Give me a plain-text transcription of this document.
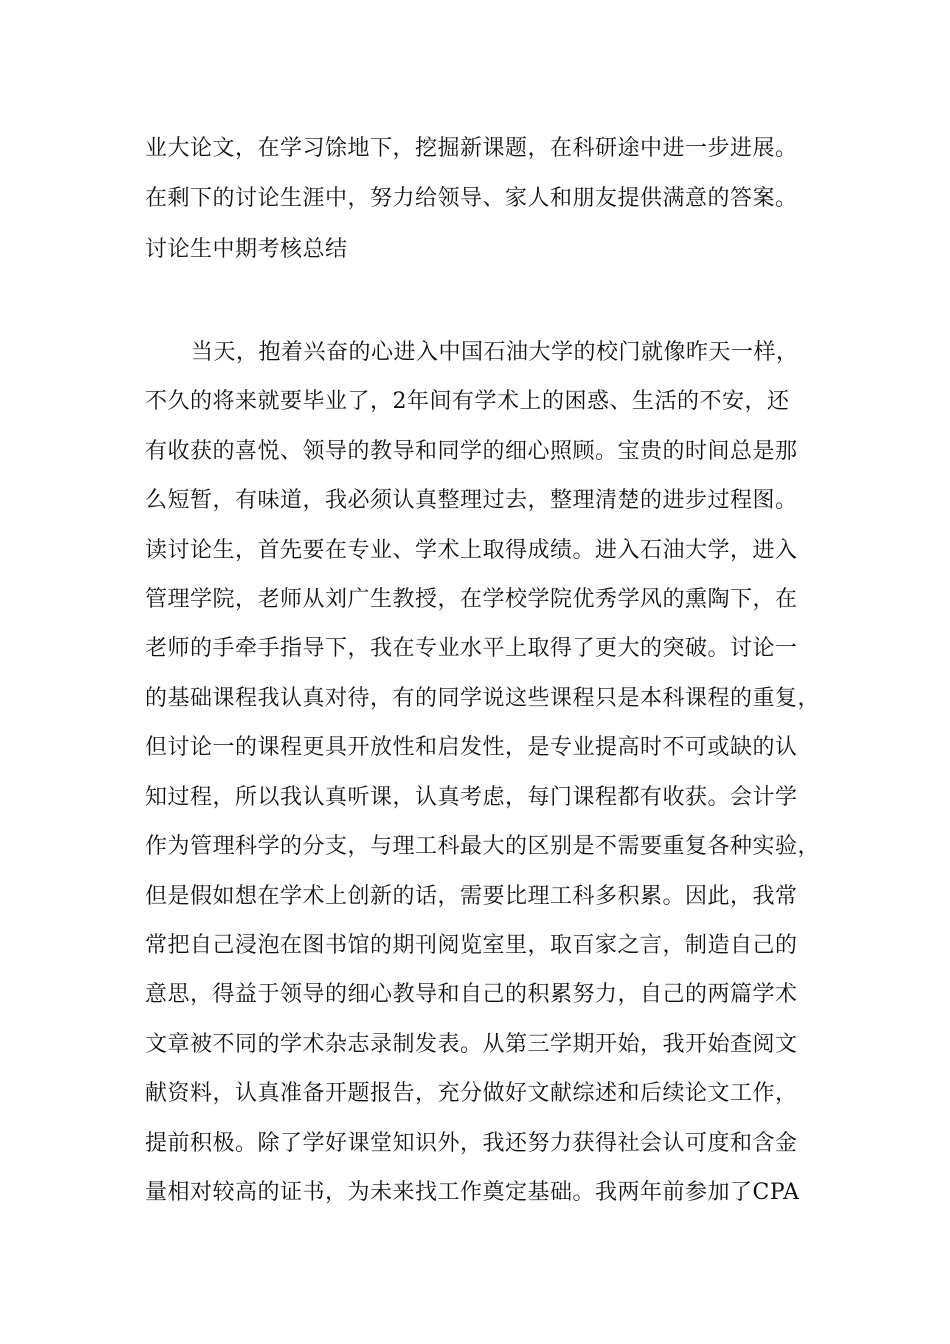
业大论文，在学习馀地下，挖掘新课题，在科研途中进一步进展。

在剩下的讨论生涯中，努力给领导、家人和朋友提供满意的答案。

讨论生中期考核总结

当天，抱着兴奋的心进入中国石油大学的校门就像昨天一样，

不久的将来就要毕业了，2年间有学术上的困惑、生活的不安，还

有收获的喜悦、领导的教导和同学的细心照顾。宝贵的时间总是那

么短暂，有味道，我必须认真整理过去，整理清楚的进步过程图。

读讨论生，首先要在专业、学术上取得成绩。进入石油大学，进入

管理学院，老师从刘广生教授，在学校学院优秀学风的熏陶下，在

老师的手牵手指导下，我在专业水平上取得了更大的突破。讨论一

的基础课程我认真对待，有的同学说这些课程只是本科课程的重复，

但讨论一的课程更具开放性和启发性，是专业提高时不可或缺的认

知过程，所以我认真听课，认真考虑，每门课程都有收获。会计学

作为管理科学的分支，与理工科最大的区别是不需要重复各种实验，

但是假如想在学术上创新的话，需要比理工科多积累。因此，我常

常把自己浸泡在图书馆的期刊阅览室里，取百家之言，制造自己的

意思，得益于领导的细心教导和自己的积累努力，自己的两篇学术

文章被不同的学术杂志录制发表。从第三学期开始，我开始查阅文

献资料，认真准备开题报告，充分做好文献综述和后续论文工作，

提前积极。除了学好课堂知识外，我还努力获得社会认可度和含金

量相对较高的证书，为未来找工作奠定基础。我两年前参加了CPA
